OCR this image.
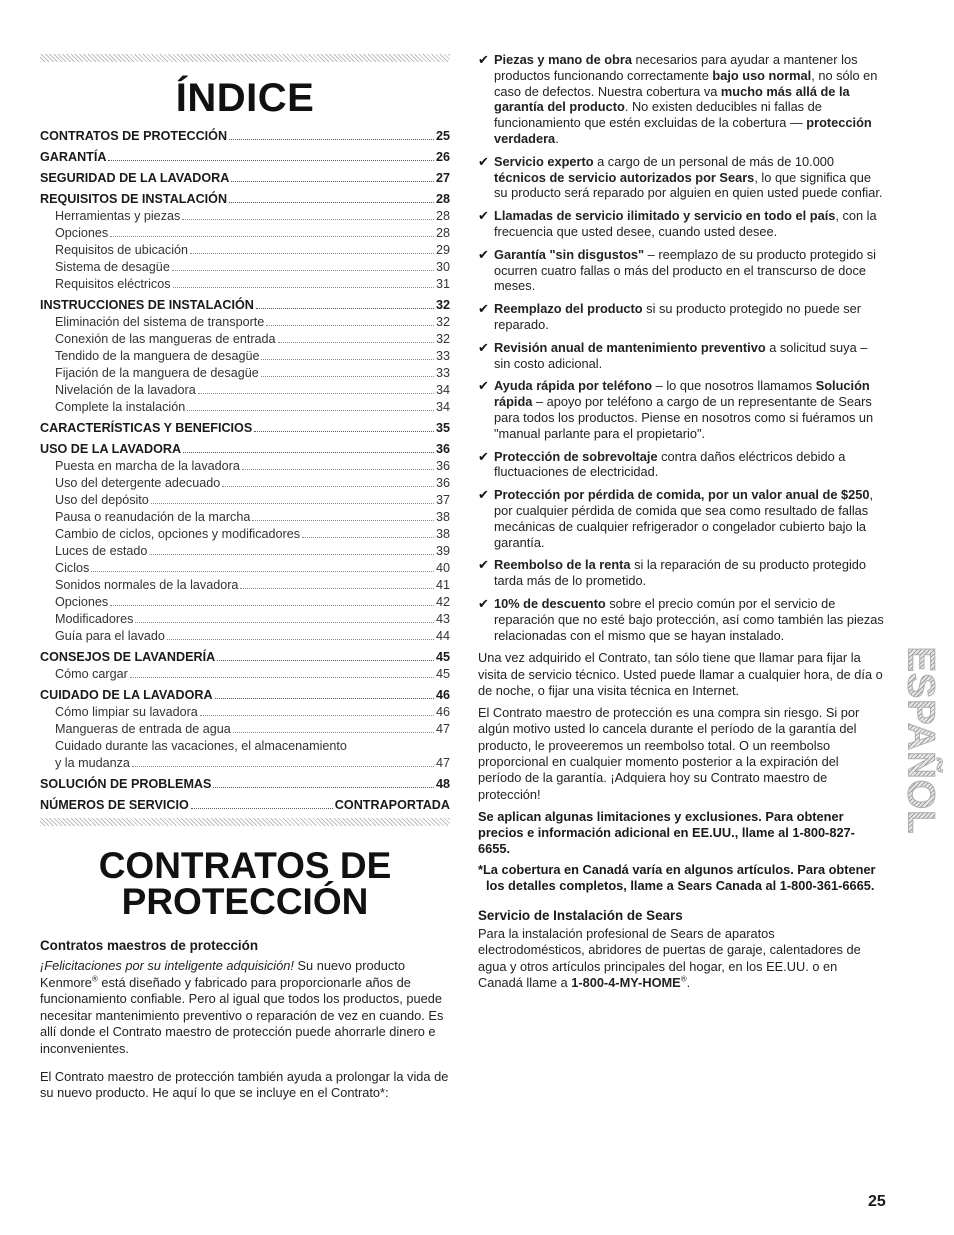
ÍNDICE
CONTRATOS DE PROTECCIÓN	25
GARANTÍA	26
SEGURIDAD DE LA LAVADORA	27
REQUISITOS DE INSTALACIÓN	28
Herramientas y piezas	28
Opciones	28
Requisitos de ubicación	29
Sistema de desagüe	30
Requisitos eléctricos	31
INSTRUCCIONES DE INSTALACIÓN	32
Eliminación del sistema de transporte	32
Conexión de las mangueras de entrada	32
Tendido de la manguera de desagüe	33
Fijación de la manguera de desagüe	33
Nivelación de la lavadora	34
Complete la instalación	34
CARACTERÍSTICAS Y BENEFICIOS	35
USO DE LA LAVADORA	36
Puesta en marcha de la lavadora	36
Uso del detergente adecuado	36
Uso del depósito	37
Pausa o reanudación de la marcha	38
Cambio de ciclos, opciones y modificadores	38
Luces de estado	39
Ciclos	40
Sonidos normales de la lavadora	41
Opciones	42
Modificadores	43
Guía para el lavado	44
CONSEJOS DE LAVANDERÍA	45
Cómo cargar	45
CUIDADO DE LA LAVADORA	46
Cómo limpiar su lavadora	46
Mangueras de entrada de agua	47
Cuidado durante las vacaciones, el almacenamiento
y la mudanza	47
SOLUCIÓN DE PROBLEMAS	48
NÚMEROS DE SERVICIO	CONTRAPORTADA
CONTRATOS DE
PROTECCIÓN
Contratos maestros de protección

¡Felicitaciones por su inteligente adquisición! Su nuevo producto Kenmore® está diseñado y fabricado para proporcionarle años de funcionamiento confiable. Pero al igual que todos los productos, puede necesitar mantenimiento preventivo o reparación de vez en cuando. Es allí donde el Contrato maestro de protección puede ahorrarle dinero e inconvenientes.

El Contrato maestro de protección también ayuda a prolongar la vida de su nuevo producto. He aquí lo que se incluye en el Contrato*:

✔ Piezas y mano de obra necesarios para ayudar a mantener los productos funcionando correctamente bajo uso normal, no sólo en caso de defectos. Nuestra cobertura va mucho más allá de la garantía del producto. No existen deducibles ni fallas de funcionamiento que estén excluidas de la cobertura — protección verdadera.
✔ Servicio experto a cargo de un personal de más de 10.000 técnicos de servicio autorizados por Sears, lo que significa que su producto será reparado por alguien en quien usted puede confiar.
✔ Llamadas de servicio ilimitado y servicio en todo el país, con la frecuencia que usted desee, cuando usted desee.
✔ Garantía "sin disgustos" – reemplazo de su producto protegido si ocurren cuatro fallas o más del producto en el transcurso de doce meses.
✔ Reemplazo del producto si su producto protegido no puede ser reparado.
✔ Revisión anual de mantenimiento preventivo a solicitud suya – sin costo adicional.
✔ Ayuda rápida por teléfono – lo que nosotros llamamos Solución rápida – apoyo por teléfono a cargo de un representante de Sears para todos los productos. Piense en nosotros como si fuéramos un "manual parlante para el propietario".
✔ Protección de sobrevoltaje contra daños eléctricos debido a fluctuaciones de electricidad.
✔ Protección por pérdida de comida, por un valor anual de $250, por cualquier pérdida de comida que sea como resultado de fallas mecánicas de cualquier refrigerador o congelador cubierto bajo la garantía.
✔ Reembolso de la renta si la reparación de su producto protegido tarda más de lo prometido.
✔ 10% de descuento sobre el precio común por el servicio de reparación que no esté bajo protección, así como también las piezas relacionadas con el mismo que se hayan instalado.

Una vez adquirido el Contrato, tan sólo tiene que llamar para fijar la visita de servicio técnico. Usted puede llamar a cualquier hora, de día o de noche, o fijar una visita técnica en Internet.

El Contrato maestro de protección es una compra sin riesgo. Si por algún motivo usted lo cancela durante el período de la garantía del producto, le proveeremos un reembolso total. O un reembolso proporcional en cualquier momento posterior a la expiración del período de la garantía. ¡Adquiera hoy su Contrato maestro de protección!

Se aplican algunas limitaciones y exclusiones. Para obtener precios e información adicional en EE.UU., llame al 1-800-827-6655.

*La cobertura en Canadá varía en algunos artículos. Para obtener los detalles completos, llame a Sears Canada al 1-800-361-6665.

Servicio de Instalación de Sears

Para la instalación profesional de Sears de aparatos electrodomésticos, abridores de puertas de garaje, calentadores de agua y otros artículos principales del hogar, en los EE.UU. o en Canadá llame a 1-800-4-MY-HOME®.

ESPAÑOL
25
